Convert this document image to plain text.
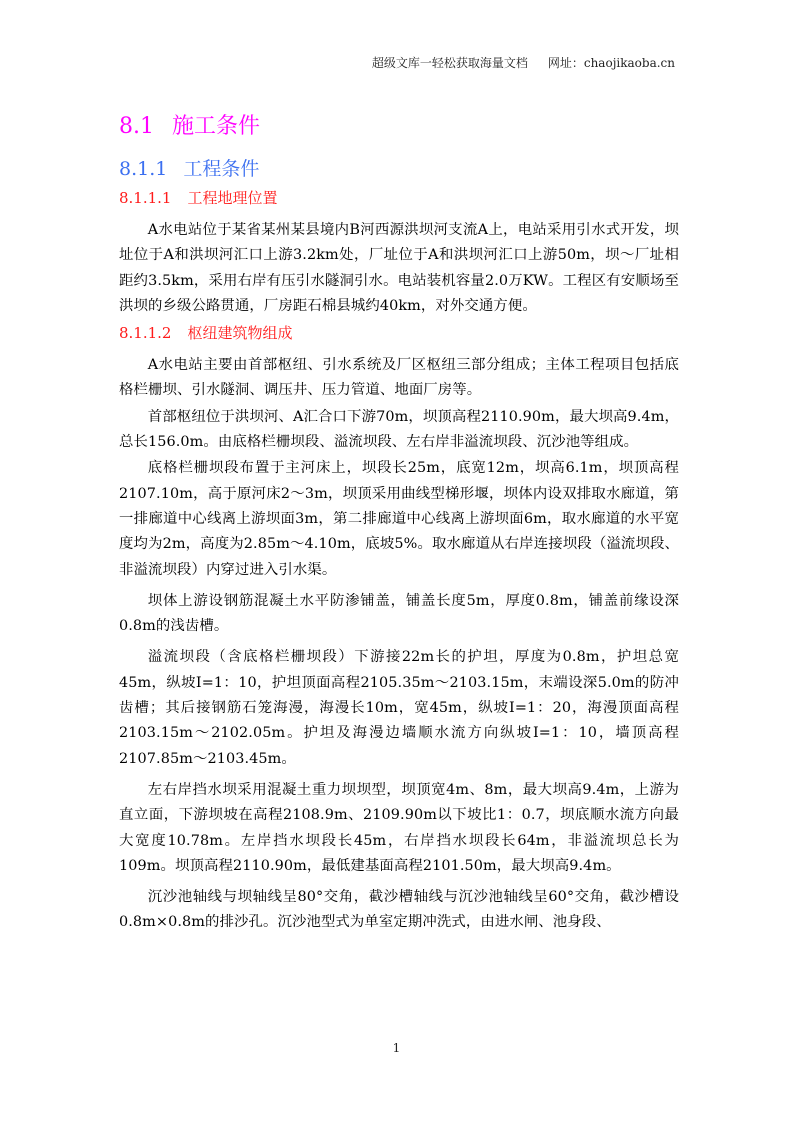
超级文库一轻松获取海量文档 网址：chaojikaoba.cn
8.1 施工条件
8.1.1 工程条件
8.1.1.1 工程地理位置

A水电站位于某省某州某县境内B河西源洪坝河支流A上，电站采用引水式开发，坝址位于A和洪坝河汇口上游3.2km处，厂址位于A和洪坝河汇口上游50m，坝～厂址相距约3.5km，采用右岸有压引水隧洞引水。电站装机容量2.0万KW。工程区有安顺场至洪坝的乡级公路贯通，厂房距石棉县城约40km，对外交通方便。

8.1.1.2 枢纽建筑物组成

A水电站主要由首部枢纽、引水系统及厂区枢纽三部分组成；主体工程项目包括底格栏栅坝、引水隧洞、调压井、压力管道、地面厂房等。

首部枢纽位于洪坝河、A汇合口下游70m，坝顶高程2110.90m，最大坝高9.4m，总长156.0m。由底格栏栅坝段、溢流坝段、左右岸非溢流坝段、沉沙池等组成。

底格栏栅坝段布置于主河床上，坝段长25m，底宽12m，坝高6.1m，坝顶高程2107.10m，高于原河床2～3m，坝顶采用曲线型梯形堰，坝体内设双排取水廊道，第一排廊道中心线离上游坝面3m，第二排廊道中心线离上游坝面6m，取水廊道的水平宽度均为2m，高度为2.85m～4.10m，底坡5%。取水廊道从右岸连接坝段（溢流坝段、非溢流坝段）内穿过进入引水渠。

坝体上游设钢筋混凝土水平防渗铺盖，铺盖长度5m，厚度0.8m，铺盖前缘设深0.8m的浅齿槽。

溢流坝段（含底格栏栅坝段）下游接22m长的护坦，厚度为0.8m，护坦总宽45m，纵坡I=1：10，护坦顶面高程2105.35m～2103.15m，末端设深5.0m的防冲齿槽；其后接钢筋石笼海漫，海漫长10m，宽45m，纵坡I=1：20，海漫顶面高程2103.15m～2102.05m。护坦及海漫边墙顺水流方向纵坡I=1：10，墙顶高程2107.85m～2103.45m。

左右岸挡水坝采用混凝土重力坝坝型，坝顶宽4m、8m，最大坝高9.4m，上游为直立面，下游坝坡在高程2108.9m、2109.90m以下坡比1：0.7，坝底顺水流方向最大宽度10.78m。左岸挡水坝段长45m，右岸挡水坝段长64m，非溢流坝总长为109m。坝顶高程2110.90m，最低建基面高程2101.50m，最大坝高9.4m。

沉沙池轴线与坝轴线呈80°交角，截沙槽轴线与沉沙池轴线呈60°交角，截沙槽设0.8m×0.8m的排沙孔。沉沙池型式为单室定期冲洗式，由进水闸、池身段、

1
